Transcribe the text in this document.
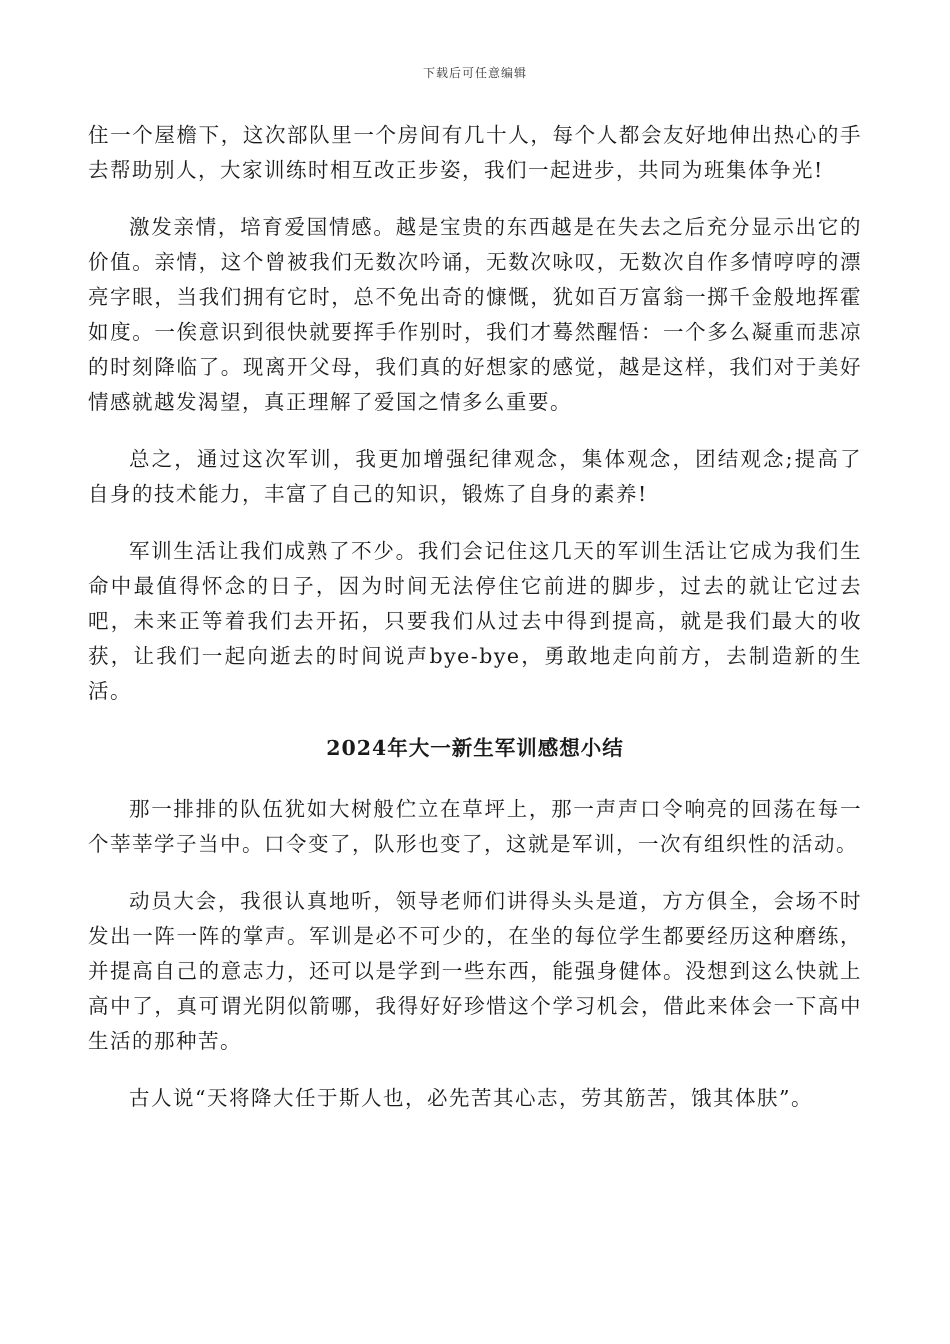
下载后可任意编辑

住一个屋檐下，这次部队里一个房间有几十人，每个人都会友好地伸出热心的手去帮助别人，大家训练时相互改正步姿，我们一起进步，共同为班集体争光!

激发亲情，培育爱国情感。越是宝贵的东西越是在失去之后充分显示出它的价值。亲情，这个曾被我们无数次吟诵，无数次咏叹，无数次自作多情哼哼的漂亮字眼，当我们拥有它时，总不免出奇的慷慨，犹如百万富翁一掷千金般地挥霍如度。一俟意识到很快就要挥手作别时，我们才蓦然醒悟：一个多么凝重而悲凉的时刻降临了。现离开父母，我们真的好想家的感觉，越是这样，我们对于美好情感就越发渴望，真正理解了爱国之情多么重要。

总之，通过这次军训，我更加增强纪律观念，集体观念，团结观念;提高了自身的技术能力，丰富了自己的知识，锻炼了自身的素养!

军训生活让我们成熟了不少。我们会记住这几天的军训生活让它成为我们生命中最值得怀念的日子，因为时间无法停住它前进的脚步，过去的就让它过去吧，未来正等着我们去开拓，只要我们从过去中得到提高，就是我们最大的收获，让我们一起向逝去的时间说声bye-bye，勇敢地走向前方，去制造新的生活。

2024年大一新生军训感想小结

那一排排的队伍犹如大树般伫立在草坪上，那一声声口令响亮的回荡在每一个莘莘学子当中。口令变了，队形也变了，这就是军训，一次有组织性的活动。

动员大会，我很认真地听，领导老师们讲得头头是道，方方俱全，会场不时发出一阵一阵的掌声。军训是必不可少的，在坐的每位学生都要经历这种磨练，并提高自己的意志力，还可以是学到一些东西，能强身健体。没想到这么快就上高中了，真可谓光阴似箭哪，我得好好珍惜这个学习机会，借此来体会一下高中生活的那种苦。

古人说“天将降大任于斯人也，必先苦其心志，劳其筋苦，饿其体肤”。
